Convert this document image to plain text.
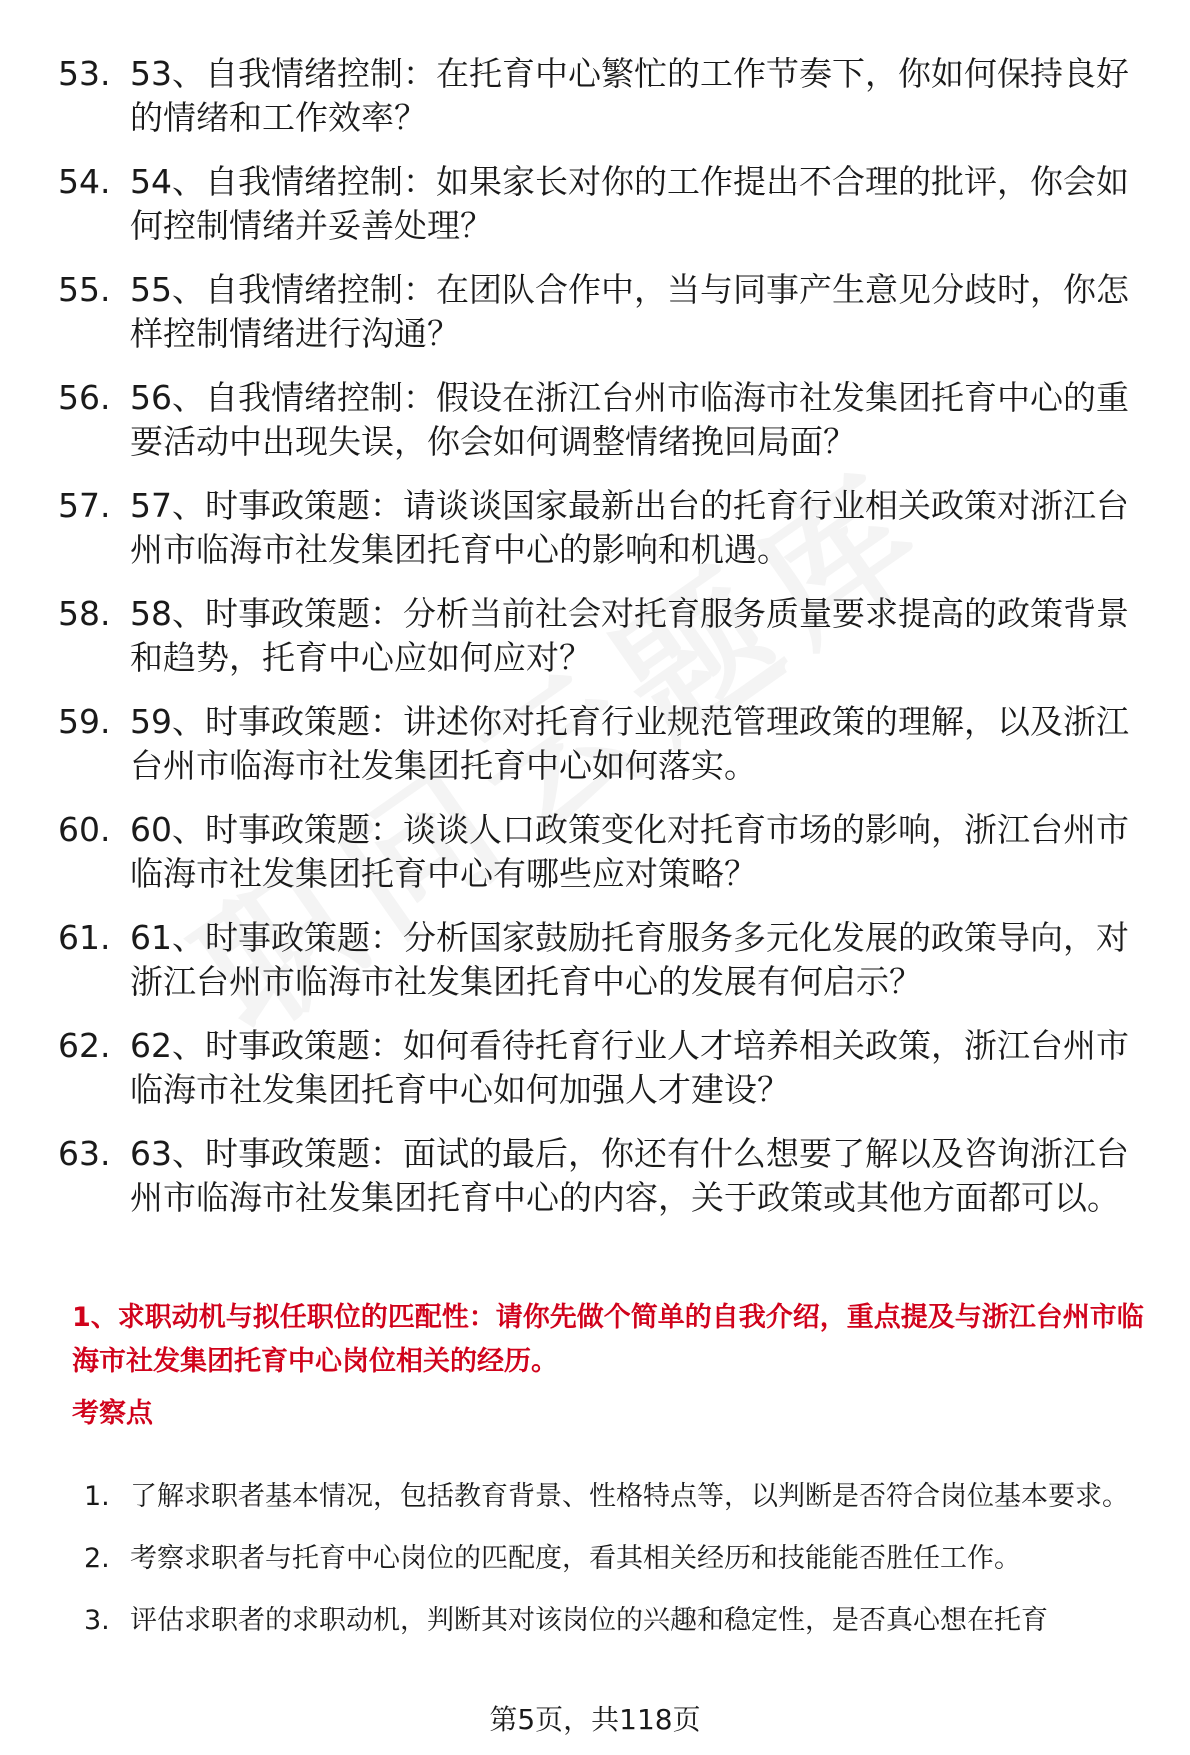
53. 53、自我情绪控制：在托育中心繁忙的工作节奏下，你如何保持良好的情绪和工作效率？
54. 54、自我情绪控制：如果家长对你的工作提出不合理的批评，你会如何控制情绪并妥善处理？
55. 55、自我情绪控制：在团队合作中，当与同事产生意见分歧时，你怎样控制情绪进行沟通？
56. 56、自我情绪控制：假设在浙江台州市临海市社发集团托育中心的重要活动中出现失误，你会如何调整情绪挽回局面？
57. 57、时事政策题：请谈谈国家最新出台的托育行业相关政策对浙江台州市临海市社发集团托育中心的影响和机遇。
58. 58、时事政策题：分析当前社会对托育服务质量要求提高的政策背景和趋势，托育中心应如何应对？
59. 59、时事政策题：讲述你对托育行业规范管理政策的理解，以及浙江台州市临海市社发集团托育中心如何落实。
60. 60、时事政策题：谈谈人口政策变化对托育市场的影响，浙江台州市临海市社发集团托育中心有哪些应对策略？
61. 61、时事政策题：分析国家鼓励托育服务多元化发展的政策导向，对浙江台州市临海市社发集团托育中心的发展有何启示？
62. 62、时事政策题：如何看待托育行业人才培养相关政策，浙江台州市临海市社发集团托育中心如何加强人才建设？
63. 63、时事政策题：面试的最后，你还有什么想要了解以及咨询浙江台州市临海市社发集团托育中心的内容，关于政策或其他方面都可以。
1、求职动机与拟任职位的匹配性：请你先做个简单的自我介绍，重点提及与浙江台州市临海市社发集团托育中心岗位相关的经历。
考察点
1. 了解求职者基本情况，包括教育背景、性格特点等，以判断是否符合岗位基本要求。
2. 考察求职者与托育中心岗位的匹配度，看其相关经历和技能能否胜任工作。
3. 评估求职者的求职动机，判断其对该岗位的兴趣和稳定性，是否真心想在托育
第5页，共118页
